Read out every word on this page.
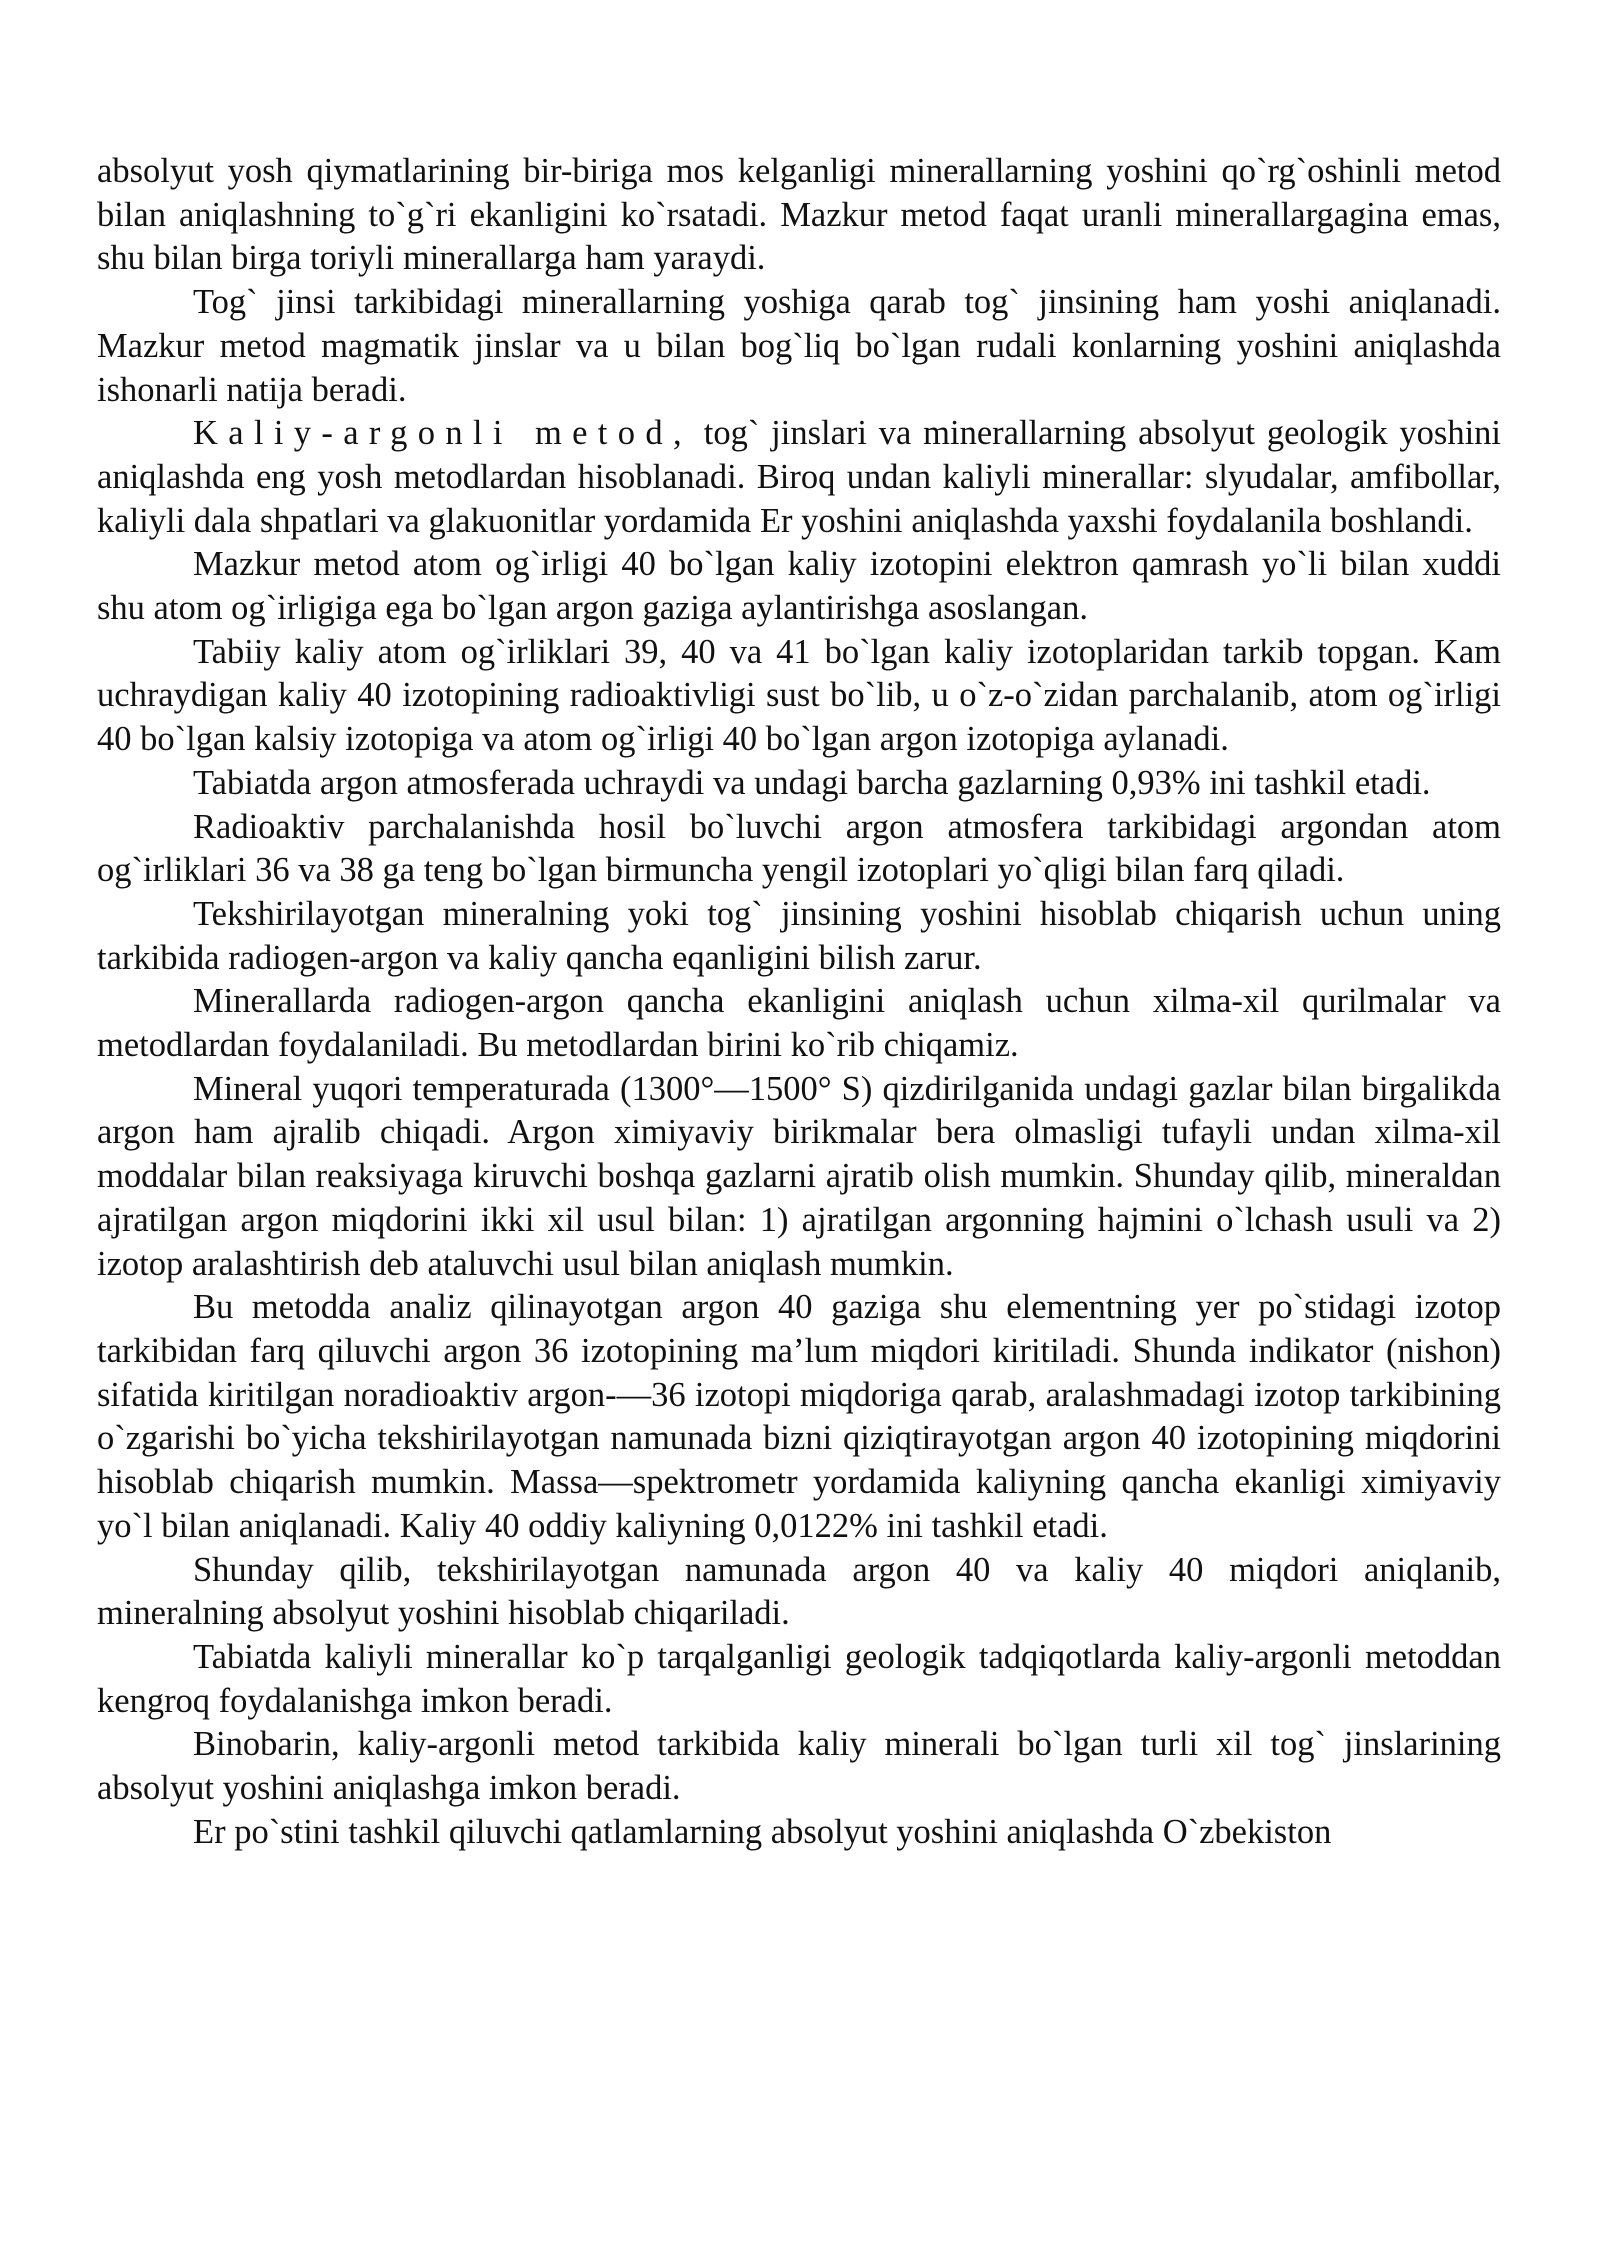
absolyut yosh qiymatlarining bir-biriga mos kelganligi minerallarning yoshini qo`rg`oshinli metod bilan aniqlashning to`g`ri ekanligini ko`rsatadi. Mazkur metod faqat uranli minerallargagina emas, shu bilan birga toriyli minerallarga ham yaraydi.

Tog` jinsi tarkibidagi minerallarning yoshiga qarab tog` jinsining ham yoshi aniqlanadi. Mazkur metod magmatik jinslar va u bilan bog`liq bo`lgan rudali konlarning yoshini aniqlashda ishonarli natija beradi.

Kaliy-argonli metod, tog` jinslari va minerallarning absolyut geologik yoshini aniqlashda eng yosh metodlardan hisoblanadi. Biroq undan kaliyli minerallar: slyudalar, amfibollar, kaliyli dala shpatlari va glakuonitlar yordamida Er yoshini aniqlashda yaxshi foydalanila boshlandi.

Mazkur metod atom og`irligi 40 bo`lgan kaliy izotopini elektron qamrash yo`li bilan xuddi shu atom og`irligiga ega bo`lgan argon gaziga aylantirishga asoslangan.

Tabiiy kaliy atom og`irliklari 39, 40 va 41 bo`lgan kaliy izotoplaridan tarkib topgan. Kam uchraydigan kaliy 40 izotopining radioaktivligi sust bo`lib, u o`z-o`zidan parchalanib, atom og`irligi 40 bo`lgan kalsiy izotopiga va atom og`irligi 40 bo`lgan argon izotopiga aylanadi.

Tabiatda argon atmosferada uchraydi va undagi barcha gazlarning 0,93% ini tashkil etadi.

Radioaktiv parchalanishda hosil bo`luvchi argon atmosfera tarkibidagi argondan atom og`irliklari 36 va 38 ga teng bo`lgan birmuncha yengil izotoplari yo`qligi bilan farq qiladi.

Tekshirilayotgan mineralning yoki tog` jinsining yoshini hisoblab chiqarish uchun uning tarkibida radiogen-argon va kaliy qancha eqanligini bilish zarur.

Minerallarda radiogen-argon qancha ekanligini aniqlash uchun xilma-xil qurilmalar va metodlardan foydalaniladi. Bu metodlardan birini ko`rib chiqamiz.

Mineral yuqori temperaturada (1300°—1500° S) qizdirilganida undagi gazlar bilan birgalikda argon ham ajralib chiqadi. Argon ximiyaviy birikmalar bera olmasligi tufayli undan xilma-xil moddalar bilan reaksiyaga kiruvchi boshqa gazlarni ajratib olish mumkin. Shunday qilib, mineraldan ajratilgan argon miqdorini ikki xil usul bilan: 1) ajratilgan argonning hajmini o`lchash usuli va 2) izotop aralashtirish deb ataluvchi usul bilan aniqlash mumkin.

Bu metodda analiz qilinayotgan argon 40 gaziga shu elementning yer po`stidagi izotop tarkibidan farq qiluvchi argon 36 izotopining ma’lum miqdori kiritiladi. Shunda indikator (nishon) sifatida kiritilgan noradioaktiv argon-—36 izotopi miqdoriga qarab, aralashmadagi izotop tarkibining o`zgarishi bo`yicha tekshirilayotgan namunada bizni qiziqtirayotgan argon 40 izotopining miqdorini hisoblab chiqarish mumkin. Massa—spektrometr yordamida kaliyning qancha ekanligi ximiyaviy yo`l bilan aniqlanadi. Kaliy 40 oddiy kaliyning 0,0122% ini tashkil etadi.

Shunday qilib, tekshirilayotgan namunada argon 40 va kaliy 40 miqdori aniqlanib, mineralning absolyut yoshini hisoblab chiqariladi.

Tabiatda kaliyli minerallar ko`p tarqalganligi geologik tadqiqotlarda kaliy-argonli metoddan kengroq foydalanishga imkon beradi.

Binobarin, kaliy-argonli metod tarkibida kaliy minerali bo`lgan turli xil tog` jinslarining absolyut yoshini aniqlashga imkon beradi.

Er po`stini tashkil qiluvchi qatlamlarning absolyut yoshini aniqlashda O`zbekiston
